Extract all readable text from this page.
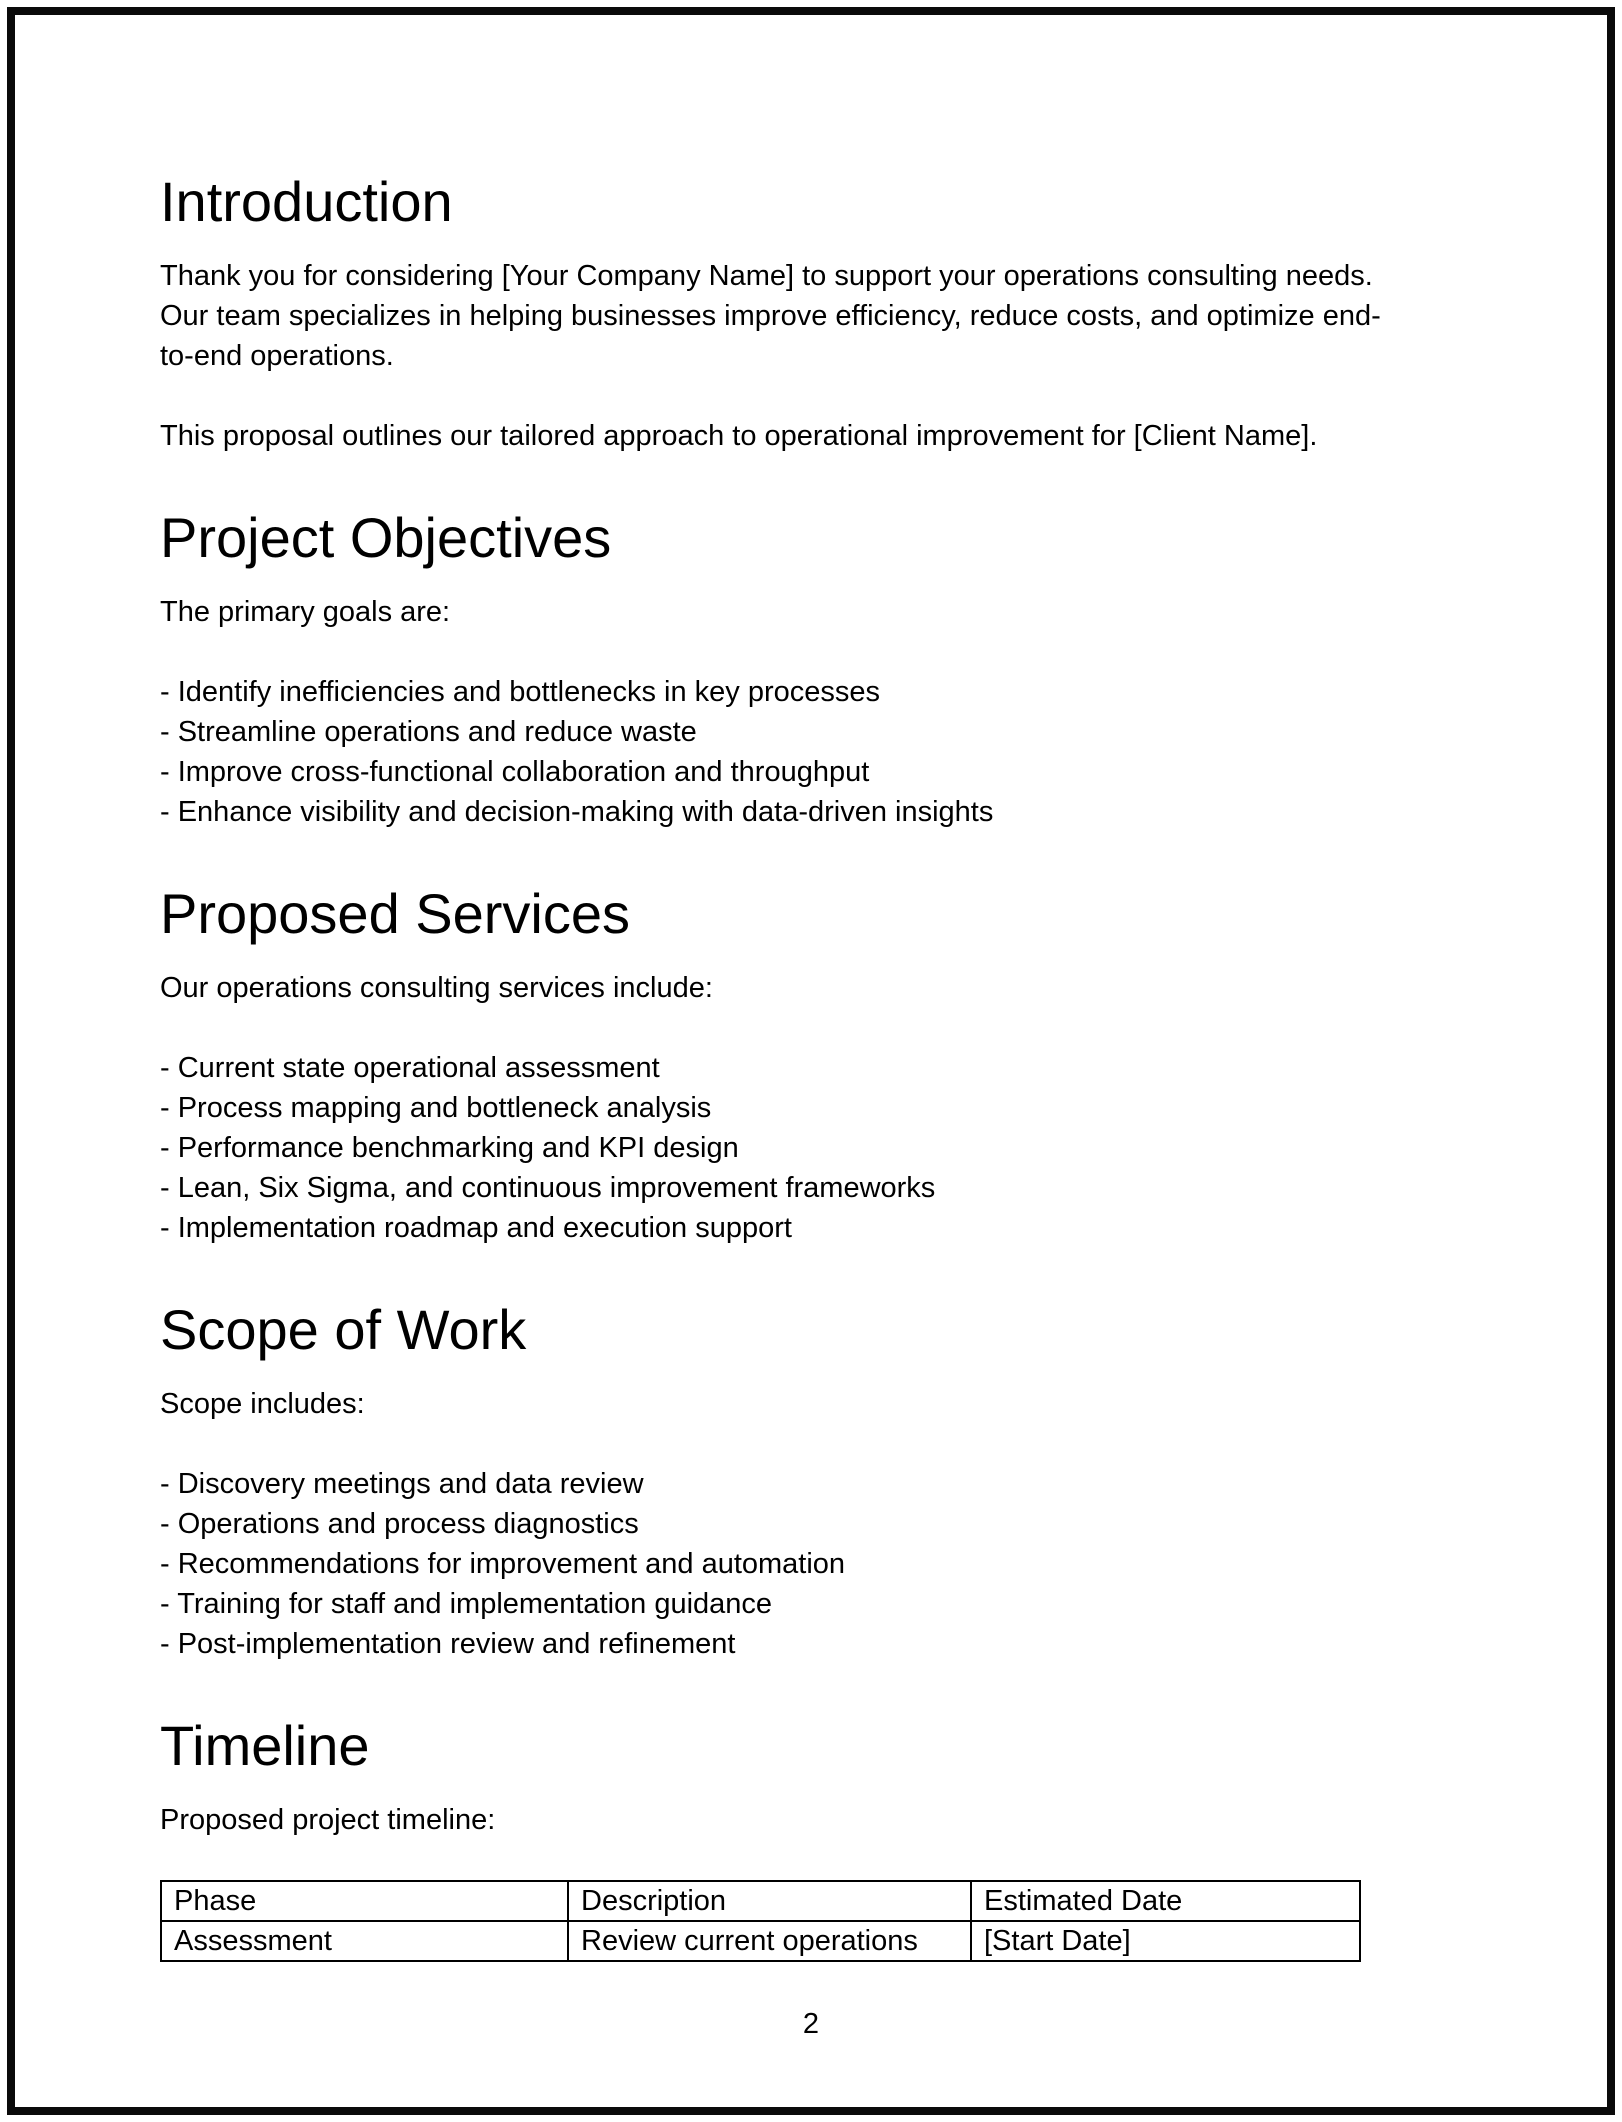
Introduction

Thank you for considering [Your Company Name] to support your operations consulting needs. Our team specializes in helping businesses improve efficiency, reduce costs, and optimize end-to-end operations.

This proposal outlines our tailored approach to operational improvement for [Client Name].

Project Objectives

The primary goals are:

- Identify inefficiencies and bottlenecks in key processes
- Streamline operations and reduce waste
- Improve cross-functional collaboration and throughput
- Enhance visibility and decision-making with data-driven insights
Proposed Services

Our operations consulting services include:

- Current state operational assessment
- Process mapping and bottleneck analysis
- Performance benchmarking and KPI design
- Lean, Six Sigma, and continuous improvement frameworks
- Implementation roadmap and execution support
Scope of Work

Scope includes:

- Discovery meetings and data review
- Operations and process diagnostics
- Recommendations for improvement and automation
- Training for staff and implementation guidance
- Post-implementation review and refinement
Timeline

Proposed project timeline:

Phase	Description	Estimated Date
Assessment	Review current operations	[Start Date]
2
